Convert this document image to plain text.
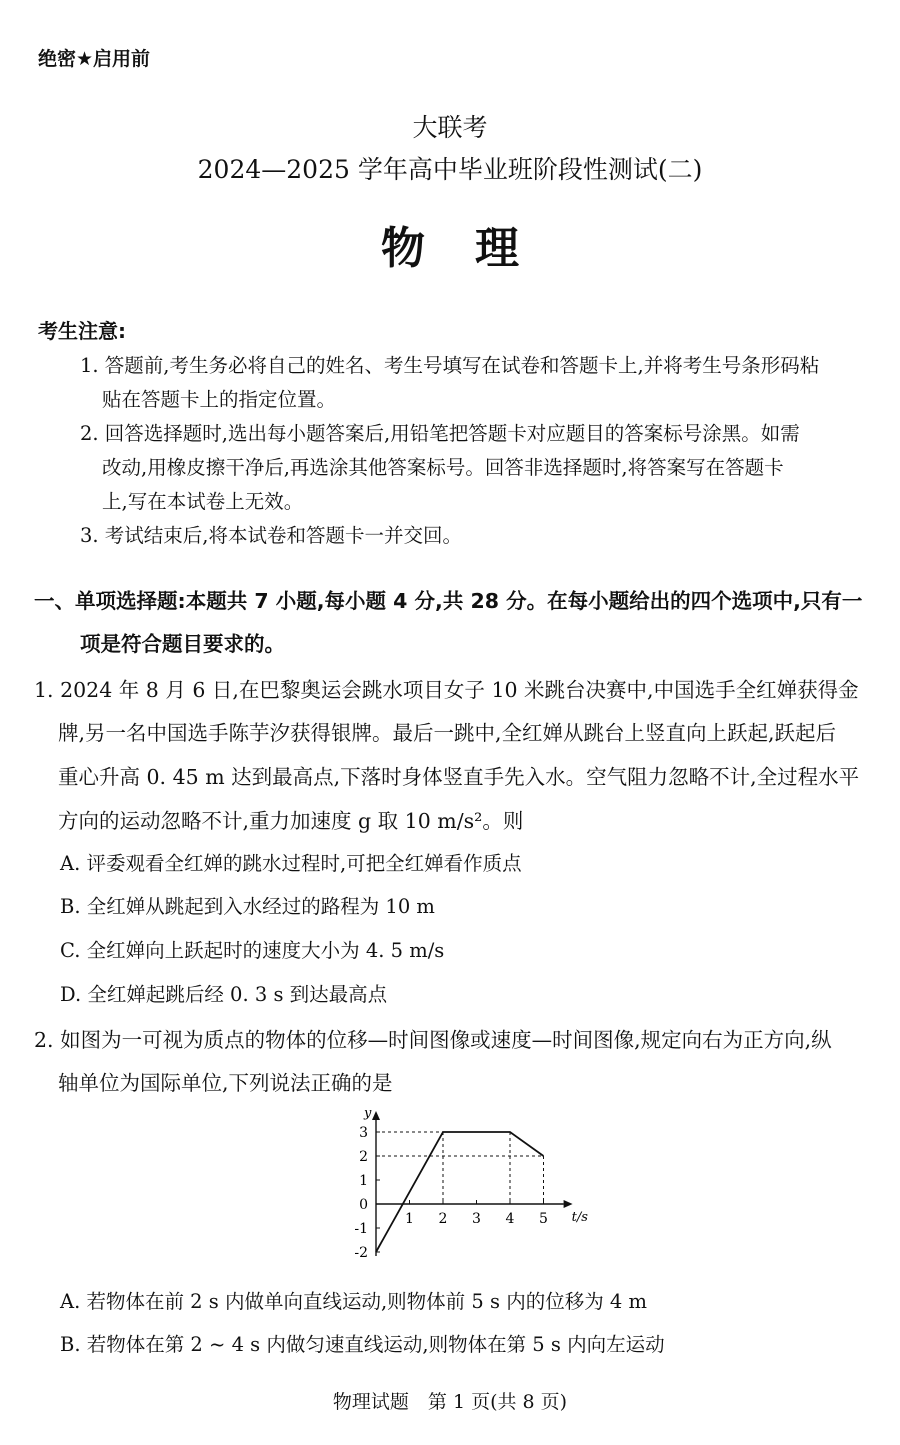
绝密★启用前
大联考
2024—2025 学年高中毕业班阶段性测试(二)
物理
考生注意:
1. 答题前,考生务必将自己的姓名、考生号填写在试卷和答题卡上,并将考生号条形码粘
贴在答题卡上的指定位置。
2. 回答选择题时,选出每小题答案后,用铅笔把答题卡对应题目的答案标号涂黑。如需
改动,用橡皮擦干净后,再选涂其他答案标号。回答非选择题时,将答案写在答题卡
上,写在本试卷上无效。
3. 考试结束后,将本试卷和答题卡一并交回。
一、单项选择题:本题共 7 小题,每小题 4 分,共 28 分。在每小题给出的四个选项中,只有一
项是符合题目要求的。
1. 2024 年 8 月 6 日,在巴黎奥运会跳水项目女子 10 米跳台决赛中,中国选手全红婵获得金
牌,另一名中国选手陈芋汐获得银牌。最后一跳中,全红婵从跳台上竖直向上跃起,跃起后
重心升高 0. 45 m 达到最高点,下落时身体竖直手先入水。空气阻力忽略不计,全过程水平
方向的运动忽略不计,重力加速度 g 取 10 m/s²。则
A. 评委观看全红婵的跳水过程时,可把全红婵看作质点
B. 全红婵从跳起到入水经过的路程为 10 m
C. 全红婵向上跃起时的速度大小为 4. 5 m/s
D. 全红婵起跳后经 0. 3 s 到达最高点
2. 如图为一可视为质点的物体的位移—时间图像或速度—时间图像,规定向右为正方向,纵
轴单位为国际单位,下列说法正确的是
y
t/s
3
2
1
0
-1
-2
1 2 3 4 5
A. 若物体在前 2 s 内做单向直线运动,则物体前 5 s 内的位移为 4 m
B. 若物体在第 2 ~ 4 s 内做匀速直线运动,则物体在第 5 s 内向左运动
物理试题　第 1 页(共 8 页)
